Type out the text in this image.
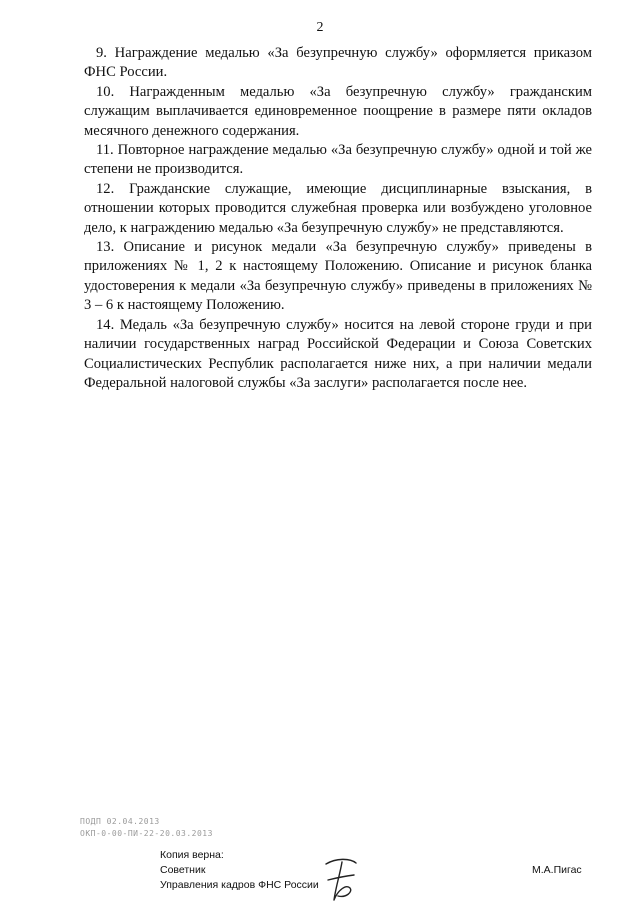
2

9. Награждение медалью «За безупречную службу» оформляется приказом ФНС России.

10. Награжденным медалью «За безупречную службу» гражданским служащим выплачивается единовременное поощрение в размере пяти окладов месячного денежного содержания.

11. Повторное награждение медалью «За безупречную службу» одной и той же степени не производится.

12. Гражданские служащие, имеющие дисциплинарные взыскания, в отношении которых проводится служебная проверка или возбуждено уголовное дело, к награждению медалью «За безупречную службу» не представляются.

13. Описание и рисунок медали «За безупречную службу» приведены в приложениях № 1, 2 к настоящему Положению. Описание и рисунок бланка удостоверения к медали «За безупречную службу» приведены в приложениях № 3 – 6 к настоящему Положению.

14. Медаль «За безупречную службу» носится на левой стороне груди и при наличии государственных наград Российской Федерации и Союза Советских Социалистических Республик располагается ниже них, а при наличии медали Федеральной налоговой службы «За заслуги» располагается после нее.

ПОДП 02.04.2013
ОКП-0-00-ПИ-22-20.03.2013
Копия верна:
Советник
Управления кадров ФНС России
М.А.Пигас
